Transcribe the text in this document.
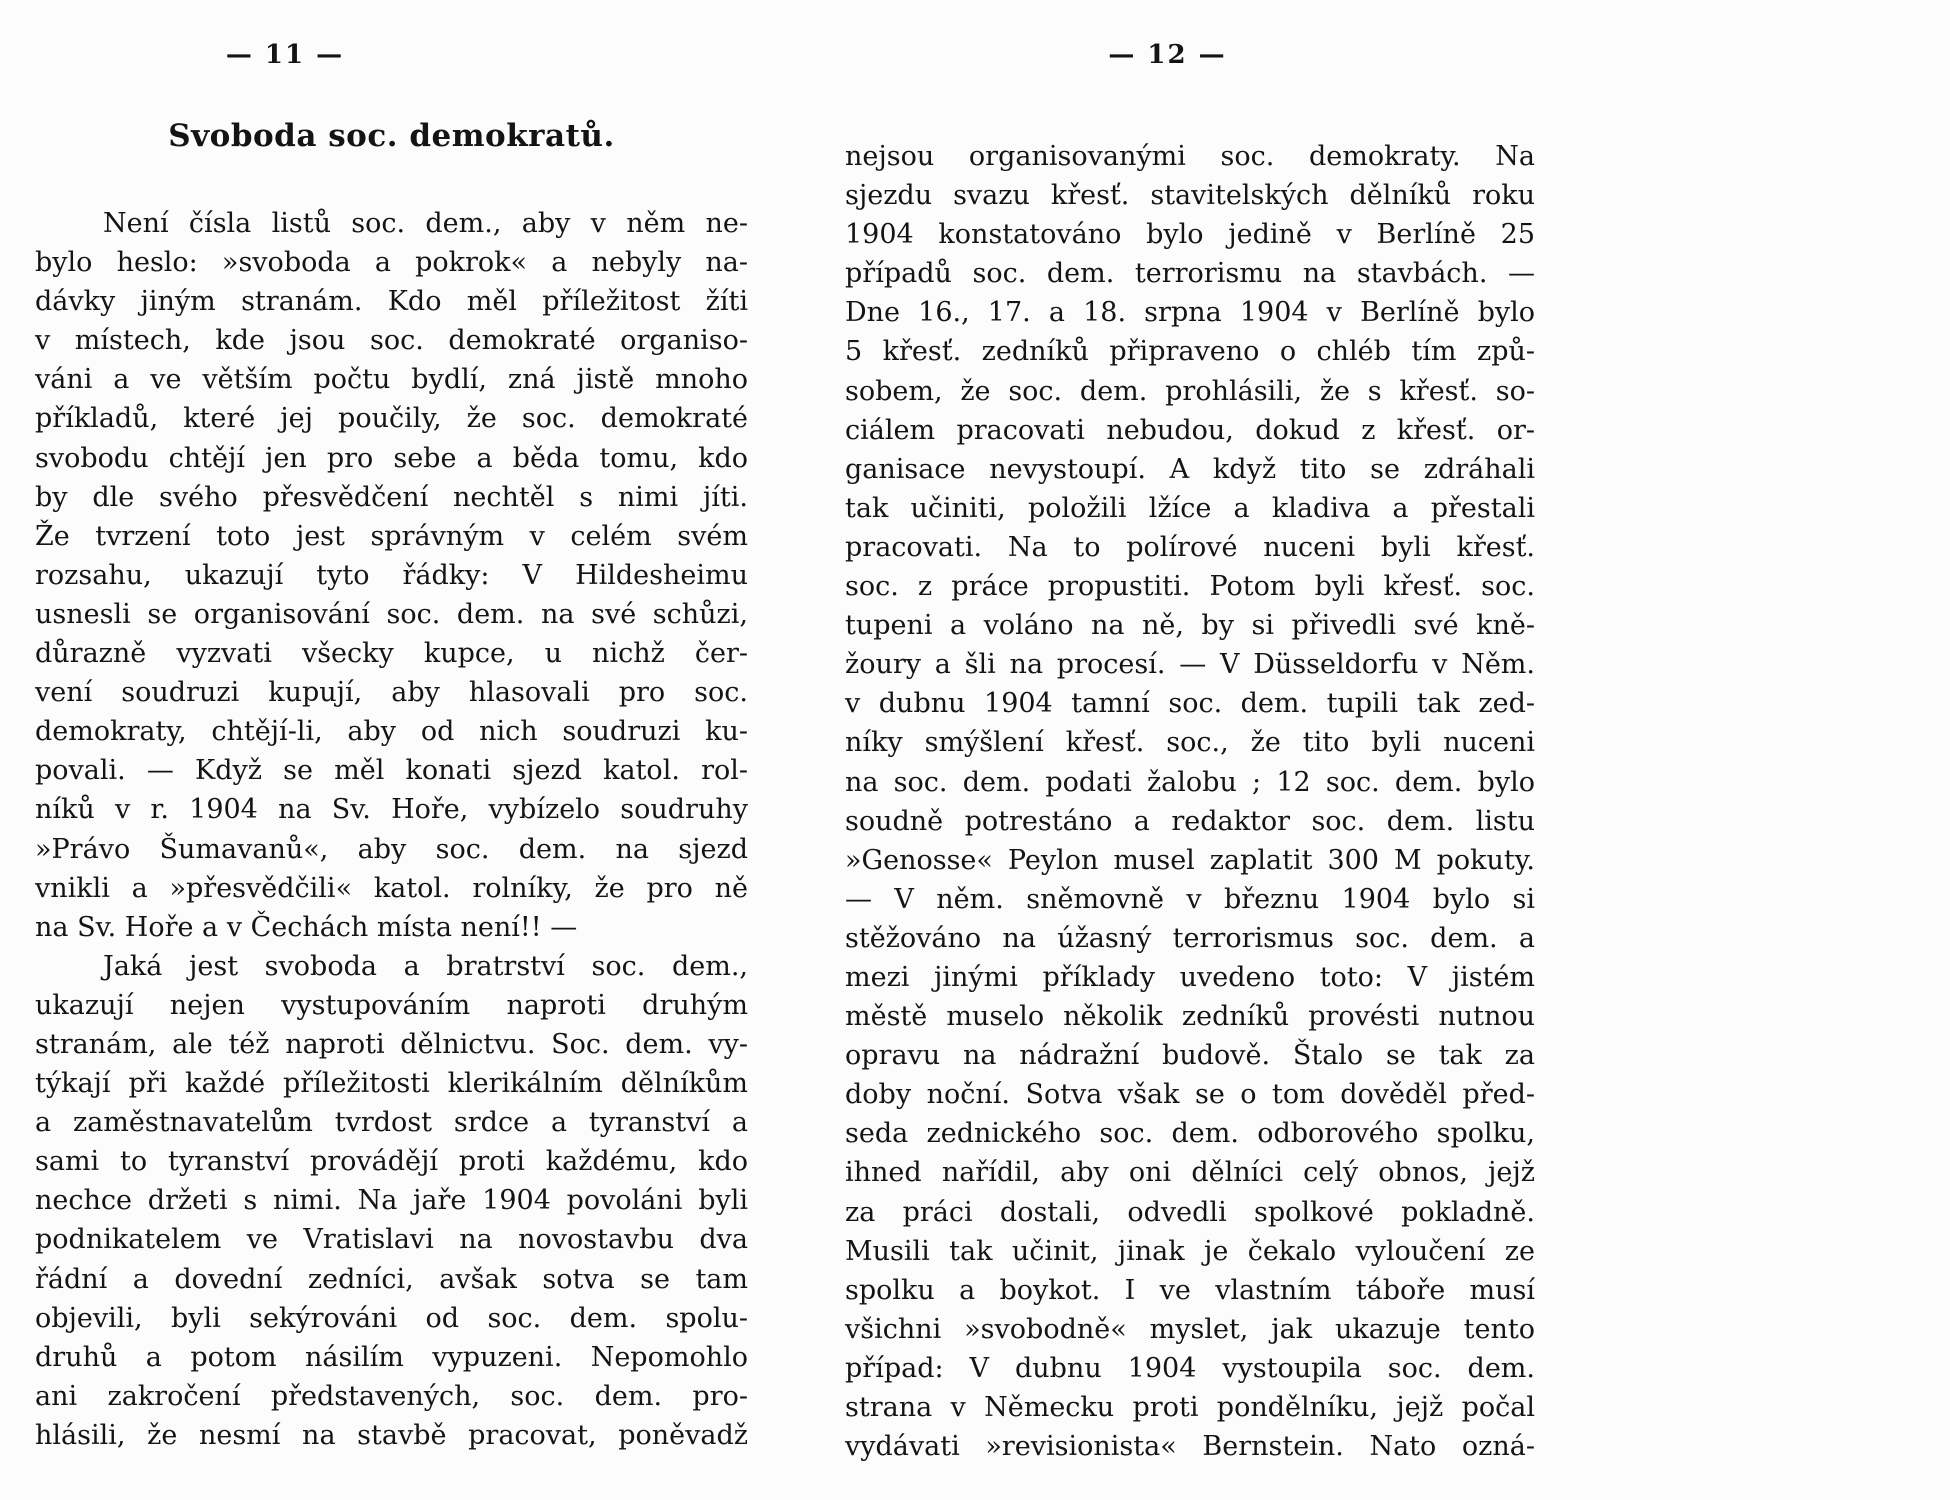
— 11 —
Svoboda soc. demokratů.
Není čísla listů soc. dem., aby v něm ne-
bylo heslo: »svoboda a pokrok« a nebyly na-
dávky jiným stranám. Kdo měl příležitost žíti
v místech, kde jsou soc. demokraté organiso-
váni a ve větším počtu bydlí, zná jistě mnoho
příkladů, které jej poučily, že soc. demokraté
svobodu chtějí jen pro sebe a běda tomu, kdo
by dle svého přesvědčení nechtěl s nimi jíti.
Že tvrzení toto jest správným v celém svém
rozsahu, ukazují tyto řádky: V Hildesheimu
usnesli se organisování soc. dem. na své schůzi,
důrazně vyzvati všecky kupce, u nichž čer-
vení soudruzi kupují, aby hlasovali pro soc.
demokraty, chtějí-li, aby od nich soudruzi ku-
povali. — Když se měl konati sjezd katol. rol-
níků v r. 1904 na Sv. Hoře, vybízelo soudruhy
»Právo Šumavanů«, aby soc. dem. na sjezd
vnikli a »přesvědčili« katol. rolníky, že pro ně
na Sv. Hoře a v Čechách místa není!! —
Jaká jest svoboda a bratrství soc. dem.,
ukazují nejen vystupováním naproti druhým
stranám, ale též naproti dělnictvu. Soc. dem. vy-
týkají při každé příležitosti klerikálním dělníkům
a zaměstnavatelům tvrdost srdce a tyranství a
sami to tyranství provádějí proti každému, kdo
nechce držeti s nimi. Na jaře 1904 povoláni byli
podnikatelem ve Vratislavi na novostavbu dva
řádní a dovední zedníci, avšak sotva se tam
objevili, byli sekýrováni od soc. dem. spolu-
druhů a potom násilím vypuzeni. Nepomohlo
ani zakročení představených, soc. dem. pro-
hlásili, že nesmí na stavbě pracovat, poněvadž
— 12 —
nejsou organisovanými soc. demokraty. Na
sjezdu svazu křesť. stavitelských dělníků roku
1904 konstatováno bylo jedině v Berlíně 25
případů soc. dem. terrorismu na stavbách. —
Dne 16., 17. a 18. srpna 1904 v Berlíně bylo
5 křesť. zedníků připraveno o chléb tím způ-
sobem, že soc. dem. prohlásili, že s křesť. so-
ciálem pracovati nebudou, dokud z křesť. or-
ganisace nevystoupí. A když tito se zdráhali
tak učiniti, položili lžíce a kladiva a přestali
pracovati. Na to polírové nuceni byli křesť.
soc. z práce propustiti. Potom byli křesť. soc.
tupeni a voláno na ně, by si přivedli své kně-
žoury a šli na procesí. — V Düsseldorfu v Něm.
v dubnu 1904 tamní soc. dem. tupili tak zed-
níky smýšlení křesť. soc., že tito byli nuceni
na soc. dem. podati žalobu ; 12 soc. dem. bylo
soudně potrestáno a redaktor soc. dem. listu
»Genosse« Peylon musel zaplatit 300 M pokuty.
— V něm. sněmovně v březnu 1904 bylo si
stěžováno na úžasný terrorismus soc. dem. a
mezi jinými příklady uvedeno toto: V jistém
městě muselo několik zedníků provésti nutnou
opravu na nádražní budově. Štalo se tak za
doby noční. Sotva však se o tom dověděl před-
seda zednického soc. dem. odborového spolku,
ihned nařídil, aby oni dělníci celý obnos, jejž
za práci dostali, odvedli spolkové pokladně.
Musili tak učinit, jinak je čekalo vyloučení ze
spolku a boykot. I ve vlastním táboře musí
všichni »svobodně« myslet, jak ukazuje tento
případ: V dubnu 1904 vystoupila soc. dem.
strana v Německu proti pondělníku, jejž počal
vydávati »revisionista« Bernstein. Nato ozná-
